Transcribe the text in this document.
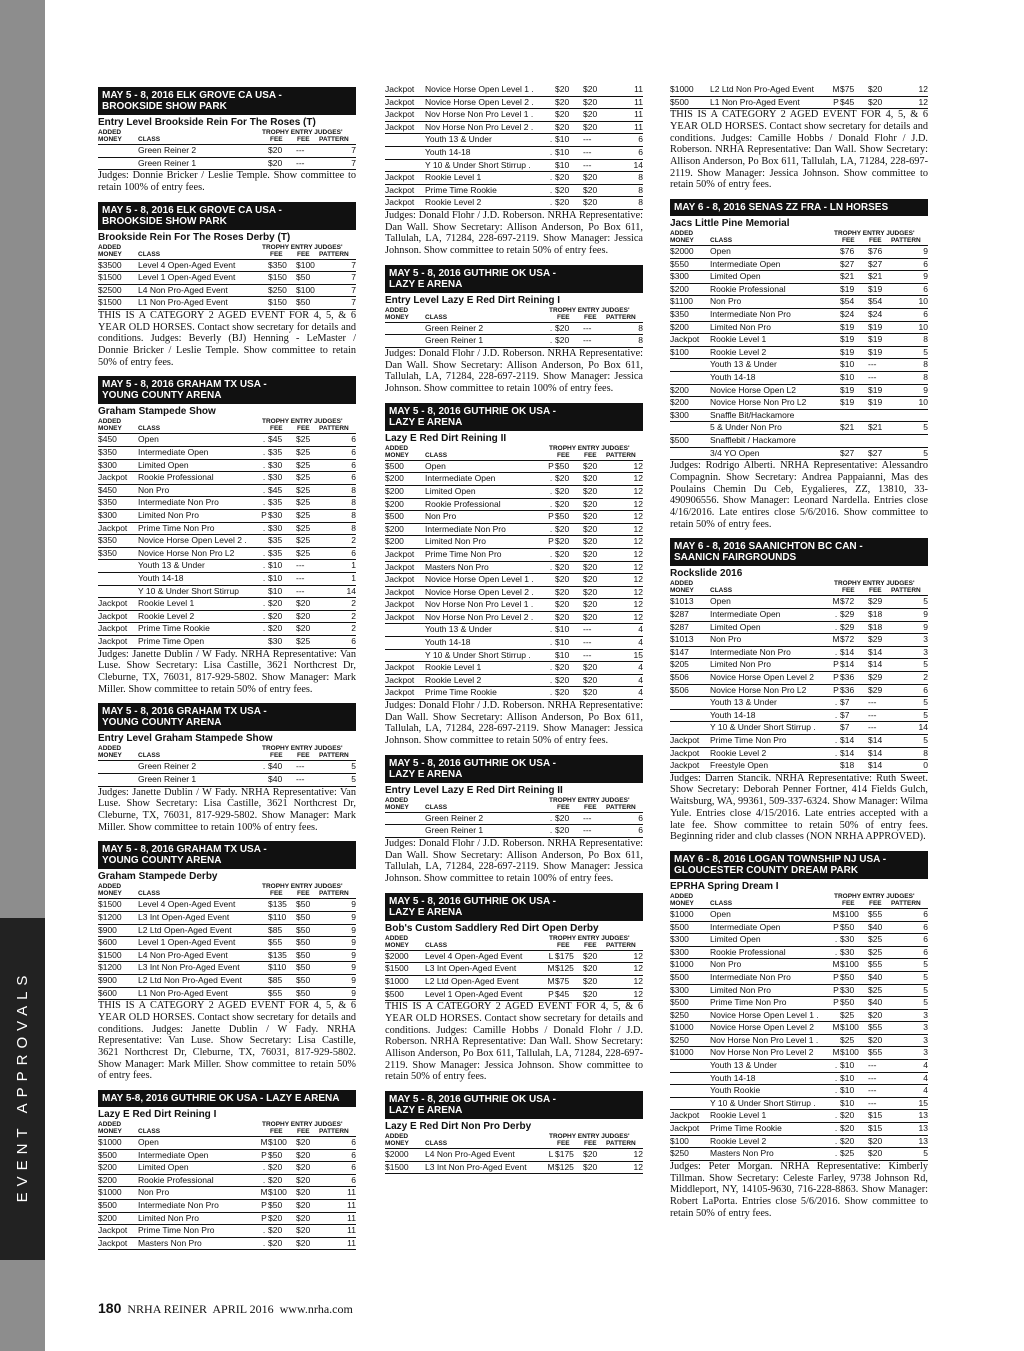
EVENT APPROVALS
MAY 5 - 8, 2016 ELK GROVE CA USA -
BROOKSIDE SHOW PARK
Entry Level Brookside Rein For The Roses (T)
ADDED	TROPHY ENTRY JUDGES'
MONEY	CLASS	FEE	FEE	PATTERN
Green Reiner 2	$20	---	7
Green Reiner 1	$20	---	7
Judges: Donnie Bricker / Leslie Temple. Show committee to retain 100% of entry fees.
MAY 5 - 8, 2016 ELK GROVE CA USA -
BROOKSIDE SHOW PARK
Brookside Rein For The Roses Derby (T)
ADDED	TROPHY ENTRY JUDGES'
MONEY	CLASS	FEE	FEE	PATTERN
$3500	Level 4 Open-Aged Event	$350	$100	7
$1500	Level 1 Open-Aged Event	$150	$50	7
$2500	L4 Non Pro-Aged Event	$250	$100	7
$1500	L1 Non Pro-Aged Event	$150	$50	7
THIS IS A CATEGORY 2 AGED EVENT FOR 4, 5, & 6 YEAR OLD HORSES. Contact show secretary for details and conditions. Judges: Beverly (BJ) Henning - LeMaster / Donnie Bricker / Leslie Temple. Show committee to retain 50% of entry fees.
MAY 5 - 8, 2016 GRAHAM TX USA -
YOUNG COUNTY ARENA
Graham Stampede Show
ADDED	TROPHY ENTRY JUDGES'
MONEY	CLASS	FEE	FEE	PATTERN
$450	Open	. $45	$25	6
$350	Intermediate Open	. $35	$25	6
$300	Limited Open	. $30	$25	6
Jackpot	Rookie Professional	. $30	$25	6
$450	Non Pro	. $45	$25	8
$350	Intermediate Non Pro	. $35	$25	8
$300	Limited Non Pro	P $30	$25	8
Jackpot	Prime Time Non Pro	. $30	$25	8
$350	Novice Horse Open Level 2 .	$35	$25	2
$350	Novice Horse Non Pro L2	. $35	$25	6
Youth 13 & Under	. $10	---	1
Youth 14-18	. $10	---	1
Y 10 & Under Short Stirrup	$10	---	14
Jackpot	Rookie Level 1	. $20	$20	2
Jackpot	Rookie Level 2	. $20	$20	2
Jackpot	Prime Time Rookie	. $20	$20	2
Jackpot	Prime Time Open	$30	$25	6
Judges: Janette Dublin / W Fady. NRHA Representative: Van Luse. Show Secretary: Lisa Castille, 3621 Northcrest Dr, Cleburne, TX, 76031, 817-929-5802. Show Manager: Mark Miller. Show committee to retain 50% of entry fees.
MAY 5 - 8, 2016 GRAHAM TX USA -
YOUNG COUNTY ARENA
Entry Level Graham Stampede Show
ADDED	TROPHY ENTRY JUDGES'
MONEY	CLASS	FEE	FEE	PATTERN
Green Reiner 2	. $40	---	5
Green Reiner 1	$40	---	5
Judges: Janette Dublin / W Fady. NRHA Representative: Van Luse. Show Secretary: Lisa Castille, 3621 Northcrest Dr, Cleburne, TX, 76031, 817-929-5802. Show Manager: Mark Miller. Show committee to retain 100% of entry fees.
MAY 5 - 8, 2016 GRAHAM TX USA -
YOUNG COUNTY ARENA
Graham Stampede Derby
ADDED	TROPHY ENTRY JUDGES'
MONEY	CLASS	FEE	FEE	PATTERN
$1500	Level 4 Open-Aged Event	$135	$50	9
$1200	L3 Int Open-Aged Event	$110	$50	9
$900	L2 Ltd Open-Aged Event	$85	$50	9
$600	Level 1 Open-Aged Event	$55	$50	9
$1500	L4 Non Pro-Aged Event	$135	$50	9
$1200	L3 Int Non Pro-Aged Event	$110	$50	9
$900	L2 Ltd Non Pro-Aged Event	$85	$50	9
$600	L1 Non Pro-Aged Event	$55	$50	9
THIS IS A CATEGORY 2 AGED EVENT FOR 4, 5, & 6 YEAR OLD HORSES. Contact show secretary for details and conditions. Judges: Janette Dublin / W Fady. NRHA Representative: Van Luse. Show Secretary: Lisa Castille, 3621 Northcrest Dr, Cleburne, TX, 76031, 817-929-5802. Show Manager: Mark Miller. Show committee to retain 50% of entry fees.
MAY 5-8, 2016 GUTHRIE OK USA - LAZY E ARENA
Lazy E Red Dirt Reining I
ADDED	TROPHY ENTRY JUDGES'
MONEY	CLASS	FEE	FEE	PATTERN
$1000	Open	M $100	$20	6
$500	Intermediate Open	P $50	$20	6
$200	Limited Open	. $20	$20	6
$200	Rookie Professional	. $20	$20	6
$1000	Non Pro	M $100	$20	11
$500	Intermediate Non Pro	P $50	$20	11
$200	Limited Non Pro	P $20	$20	11
Jackpot	Prime Time Non Pro	. $20	$20	11
Jackpot	Masters Non Pro	. $20	$20	11
Jackpot	Novice Horse Open Level 1 .	$20	$20	11
Jackpot	Novice Horse Open Level 2 .	$20	$20	11
Jackpot	Nov Horse Non Pro Level 1 .	$20	$20	11
Jackpot	Nov Horse Non Pro Level 2 .	$20	$20	11
Youth 13 & Under	. $10	---	6
Youth 14-18	. $10	---	6
Y 10 & Under Short Stirrup .	$10	---	14
Jackpot	Rookie Level 1	. $20	$20	8
Jackpot	Prime Time Rookie	. $20	$20	8
Jackpot	Rookie Level 2	. $20	$20	8
Judges: Donald Flohr / J.D. Roberson. NRHA Representative: Dan Wall. Show Secretary: Allison Anderson, Po Box 611, Tallulah, LA, 71284, 228-697-2119. Show Manager: Jessica Johnson. Show committee to retain 50% of entry fees.
MAY 5 - 8, 2016 GUTHRIE OK USA -
LAZY E ARENA
Entry Level Lazy E Red Dirt Reining I
ADDED	TROPHY ENTRY JUDGES'
MONEY	CLASS	FEE	FEE	PATTERN
Green Reiner 2	. $20	---	8
Green Reiner 1	. $20	---	8
Judges: Donald Flohr / J.D. Roberson. NRHA Representative: Dan Wall. Show Secretary: Allison Anderson, Po Box 611, Tallulah, LA, 71284, 228-697-2119. Show Manager: Jessica Johnson. Show committee to retain 100% of entry fees.
MAY 5 - 8, 2016 GUTHRIE OK USA -
LAZY E ARENA
Lazy E Red Dirt Reining II
ADDED	TROPHY ENTRY JUDGES'
MONEY	CLASS	FEE	FEE	PATTERN
$500	Open	P $50	$20	12
$200	Intermediate Open	. $20	$20	12
$200	Limited Open	. $20	$20	12
$200	Rookie Professional	. $20	$20	12
$500	Non Pro	P $50	$20	12
$200	Intermediate Non Pro	. $20	$20	12
$200	Limited Non Pro	P $20	$20	12
Jackpot	Prime Time Non Pro	. $20	$20	12
Jackpot	Masters Non Pro	. $20	$20	12
Jackpot	Novice Horse Open Level 1 .	$20	$20	12
Jackpot	Novice Horse Open Level 2 .	$20	$20	12
Jackpot	Nov Horse Non Pro Level 1 .	$20	$20	12
Jackpot	Nov Horse Non Pro Level 2 .	$20	$20	12
Youth 13 & Under	. $10	---	4
Youth 14-18	. $10	---	4
Y 10 & Under Short Stirrup .	$10	---	15
Jackpot	Rookie Level 1	. $20	$20	4
Jackpot	Rookie Level 2	. $20	$20	4
Jackpot	Prime Time Rookie	. $20	$20	4
Judges: Donald Flohr / J.D. Roberson. NRHA Representative: Dan Wall. Show Secretary: Allison Anderson, Po Box 611, Tallulah, LA, 71284, 228-697-2119. Show Manager: Jessica Johnson. Show committee to retain 50% of entry fees.
MAY 5 - 8, 2016 GUTHRIE OK USA -
LAZY E ARENA
Entry Level Lazy E Red Dirt Reining II
ADDED	TROPHY ENTRY JUDGES'
MONEY	CLASS	FEE	FEE	PATTERN
Green Reiner 2	. $20	---	6
Green Reiner 1	. $20	---	6
Judges: Donald Flohr / J.D. Roberson. NRHA Representative: Dan Wall. Show Secretary: Allison Anderson, Po Box 611, Tallulah, LA, 71284, 228-697-2119. Show Manager: Jessica Johnson. Show committee to retain 100% of entry fees.
MAY 5 - 8, 2016 GUTHRIE OK USA -
LAZY E ARENA
Bob's Custom Saddlery Red Dirt Open Derby
ADDED	TROPHY ENTRY JUDGES'
MONEY	CLASS	FEE	FEE	PATTERN
$2000	Level 4 Open-Aged Event	L $175	$20	12
$1500	L3 Int Open-Aged Event	M $125	$20	12
$1000	L2 Ltd Open-Aged Event	M $75	$20	12
$500	Level 1 Open-Aged Event	P $45	$20	12
THIS IS A CATEGORY 2 AGED EVENT FOR 4, 5, & 6 YEAR OLD HORSES. Contact show secretary for details and conditions. Judges: Camille Hobbs / Donald Flohr / J.D. Roberson. NRHA Representative: Dan Wall. Show Secretary: Allison Anderson, Po Box 611, Tallulah, LA, 71284, 228-697-2119. Show Manager: Jessica Johnson. Show committee to retain 50% of entry fees.
MAY 5 - 8, 2016 GUTHRIE OK USA -
LAZY E ARENA
Lazy E Red Dirt Non Pro Derby
ADDED	TROPHY ENTRY JUDGES'
MONEY	CLASS	FEE	FEE	PATTERN
$2000	L4 Non Pro-Aged Event	L $175	$20	12
$1500	L3 Int Non Pro-Aged Event	M $125	$20	12
$1000	L2 Ltd Non Pro-Aged Event	M $75	$20	12
$500	L1 Non Pro-Aged Event	P $45	$20	12
THIS IS A CATEGORY 2 AGED EVENT FOR 4, 5, & 6 YEAR OLD HORSES. Contact show secretary for details and conditions. Judges: Camille Hobbs / Donald Flohr / J.D. Roberson. NRHA Representative: Dan Wall. Show Secretary: Allison Anderson, Po Box 611, Tallulah, LA, 71284, 228-697-2119. Show Manager: Jessica Johnson. Show committee to retain 50% of entry fees.
MAY 6 - 8, 2016 SENAS ZZ FRA - LN HORSES
Jacs Little Pine Memorial
ADDED	TROPHY ENTRY JUDGES'
MONEY	CLASS	FEE	FEE	PATTERN
$2000	Open	$76	$76	9
$550	Intermediate Open	$27	$27	6
$300	Limited Open	$21	$21	9
$200	Rookie Professional	$19	$19	6
$1100	Non Pro	$54	$54	10
$350	Intermediate Non Pro	$24	$24	6
$200	Limited Non Pro	$19	$19	10
Jackpot	Rookie Level 1	$19	$19	8
$100	Rookie Level 2	$19	$19	5
Youth 13 & Under	$10	---	8
Youth 14-18	$10	---	8
$200	Novice Horse Open L2	$19	$19	9
$200	Novice Horse Non Pro L2	$19	$19	10
$300	Snaffle Bit/Hackamore
5 & Under Non Pro	$21	$21	5
$500	Snafflebit / Hackamore
3/4 YO Open	$27	$27	5
Judges: Rodrigo Alberti. NRHA Representative: Alessandro Compagnin. Show Secretary: Andrea Pappaianni, Mas des Poulains Chemin Du Ceb, Eygalieres, ZZ, 13810, 33-490906556. Show Manager: Leonard Nardella. Entries close 4/16/2016. Late entires close 5/6/2016. Show committee to retain 50% of entry fees.
MAY 6 - 8, 2016 SAANICHTON BC CAN -
SAANICN FAIRGROUNDS
Rockslide 2016
ADDED	TROPHY ENTRY JUDGES'
MONEY	CLASS	FEE	FEE	PATTERN
$1013	Open	M $72	$29	5
$287	Intermediate Open	. $29	$18	9
$287	Limited Open	. $29	$18	9
$1013	Non Pro	M $72	$29	3
$147	Intermediate Non Pro	. $14	$14	3
$205	Limited Non Pro	P $14	$14	5
$506	Novice Horse Open Level 2	P $36	$29	2
$506	Novice Horse Non Pro L2	P $36	$29	6
Youth 13 & Under	. $7	---	5
Youth 14-18	. $7	---	5
Y 10 & Under Short Stirrup .	$7	---	14
Jackpot	Prime Time Non Pro	. $14	$14	5
Jackpot	Rookie Level 2	. $14	$14	8
Jackpot	Freestyle Open	$18	$14	0
Judges: Darren Stancik. NRHA Representative: Ruth Sweet. Show Secretary: Deborah Penner Fortner, 414 Fields Gulch, Waitsburg, WA, 99361, 509-337-6324. Show Manager: Wilma Yule. Entries close 4/15/2016. Late entries accepted with a late fee. Show committee to retain 50% of entry fees. Beginning rider and club classes (NON NRHA APPROVED).
MAY 6 - 8, 2016 LOGAN TOWNSHIP NJ USA -
GLOUCESTER COUNTY DREAM PARK
EPRHA Spring Dream I
ADDED	TROPHY ENTRY JUDGES'
MONEY	CLASS	FEE	FEE	PATTERN
$1000	Open	M $100	$55	6
$500	Intermediate Open	P $50	$40	6
$300	Limited Open	. $30	$25	6
$300	Rookie Professional	. $30	$25	6
$1000	Non Pro	M $100	$55	5
$500	Intermediate Non Pro	P $50	$40	5
$300	Limited Non Pro	P $30	$25	5
$500	Prime Time Non Pro	P $50	$40	5
$250	Novice Horse Open Level 1 .	$25	$20	3
$1000	Novice Horse Open Level 2	M $100	$55	3
$250	Nov Horse Non Pro Level 1 .	$25	$20	3
$1000	Nov Horse Non Pro Level 2	M $100	$55	3
Youth 13 & Under	. $10	---	4
Youth 14-18	. $10	---	4
Youth Rookie	. $10	---	4
Y 10 & Under Short Stirrup .	$10	---	15
Jackpot	Rookie Level 1	. $20	$15	13
Jackpot	Prime Time Rookie	. $20	$15	13
$100	Rookie Level 2	. $20	$20	13
$250	Masters Non Pro	. $25	$20	5
Judges: Peter Morgan. NRHA Representative: Kimberly Tillman. Show Secretary: Celeste Farley, 9738 Johnson Rd, Middleport, NY, 14105-9630, 716-228-8863. Show Manager: Robert LaPorta. Entries close 5/6/2016. Show committee to retain 50% of entry fees.
180 NRHA REINER APRIL 2016 www.nrha.com
